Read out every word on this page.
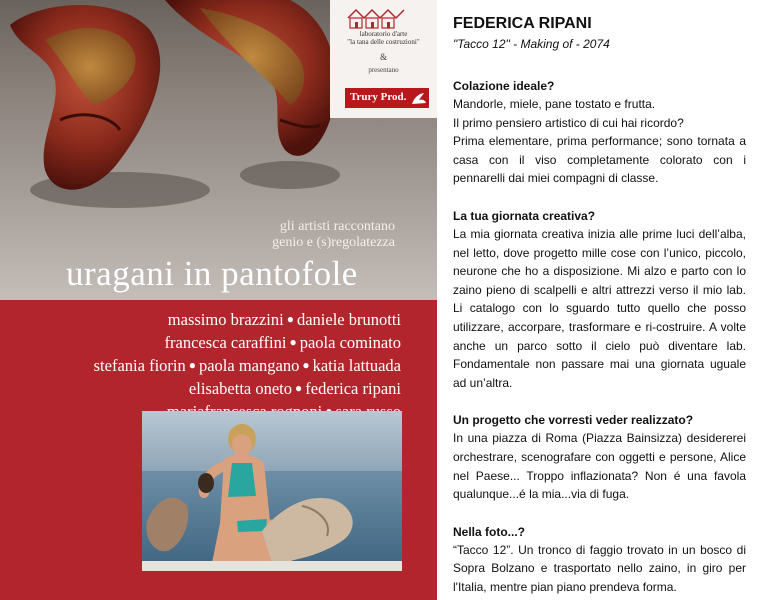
laboratorio d'arte
"la tana delle costruzioni"
&
presentano
Trury Prod.
gli artisti raccontano
genio e (s)regolatezza
uragani in pantofole
massimo brazzini ● daniele brunotti
francesca caraffini ● paola cominato
stefania fiorin ● paola mangano ● katia lattuada
elisabetta oneto ● federica ripani
FEDERICA RIPANI
"Tacco 12" - Making of - 2074
Colazione ideale?

Mandorle, miele, pane tostato e frutta.
Il primo pensiero artistico di cui hai ricordo?
Prima elementare, prima performance; sono tornata a casa con il viso completamente colorato con i pennarelli dai miei compagni di classe.

La tua giornata creativa?

La mia giornata creativa inizia alle prime luci dell’alba, nel letto, dove progetto mille cose con l’unico, piccolo, neurone che ho a disposizione. Mi alzo e parto con lo zaino pieno di scalpelli e altri attrezzi verso il mio lab. Li catalogo con lo sguardo tutto quello che posso utilizzare, accorpare, trasformare e ri-costruire. A volte anche un parco sotto il cielo può diventare lab. Fondamentale non passare mai una giornata uguale ad un’altra.

Un progetto che vorresti veder realizzato?

In una piazza di Roma (Piazza Bainsizza) desidererei orchestrare, scenografare con oggetti e persone, Alice nel Paese... Troppo inflazionata? Non é una favola qualunque...é la mia...via di fuga.

Nella foto...?

“Tacco 12”. Un tronco di faggio trovato in un bosco di Sopra Bolzano e trasportato nello zaino, in giro per l'Italia, mentre pian piano prendeva forma.
